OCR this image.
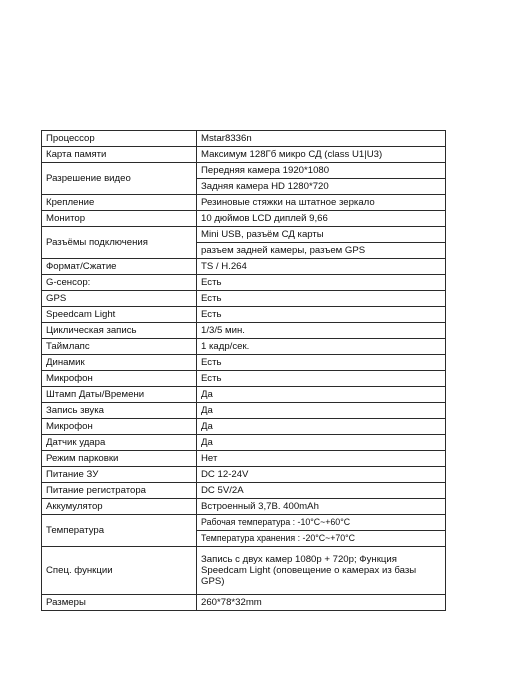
Процессор	Mstar8336n
Карта памяти	Максимум 128Гб микро СД (class U1|U3)
Разрешение видео	Передняя камера 1920*1080
	Задняя камера HD 1280*720
Крепление	Резиновые стяжки на штатное зеркало
Монитор	10 дюймов LCD диплей 9,66
Разъёмы подключения	Mini USB, разъём СД карты
	разъем задней камеры, разъем GPS
Формат/Сжатие	TS / H.264
G-сенсор:	Есть
GPS	Есть
Speedcam Light	Есть
Циклическая запись	1/3/5 мин.
Таймлапс	1 кадр/сек.
Динамик	Есть
Микрофон	Есть
Штамп Даты/Времени	Да
Запись звука	Да
Микрофон	Да
Датчик удара	Да
Режим парковки	Нет
Питание ЗУ	DC 12-24V
Питание регистратора	DC 5V/2A
Аккумулятор	Встроенный 3,7В. 400mAh
Температура	Рабочая температура : -10°C~+60°C
	Температура хранения : -20°C~+70°C
Спец. функции	Запись с двух камер 1080p + 720p; Функция Speedcam Light (оповещение о камерах из базы GPS)
Размеры	260*78*32mm
